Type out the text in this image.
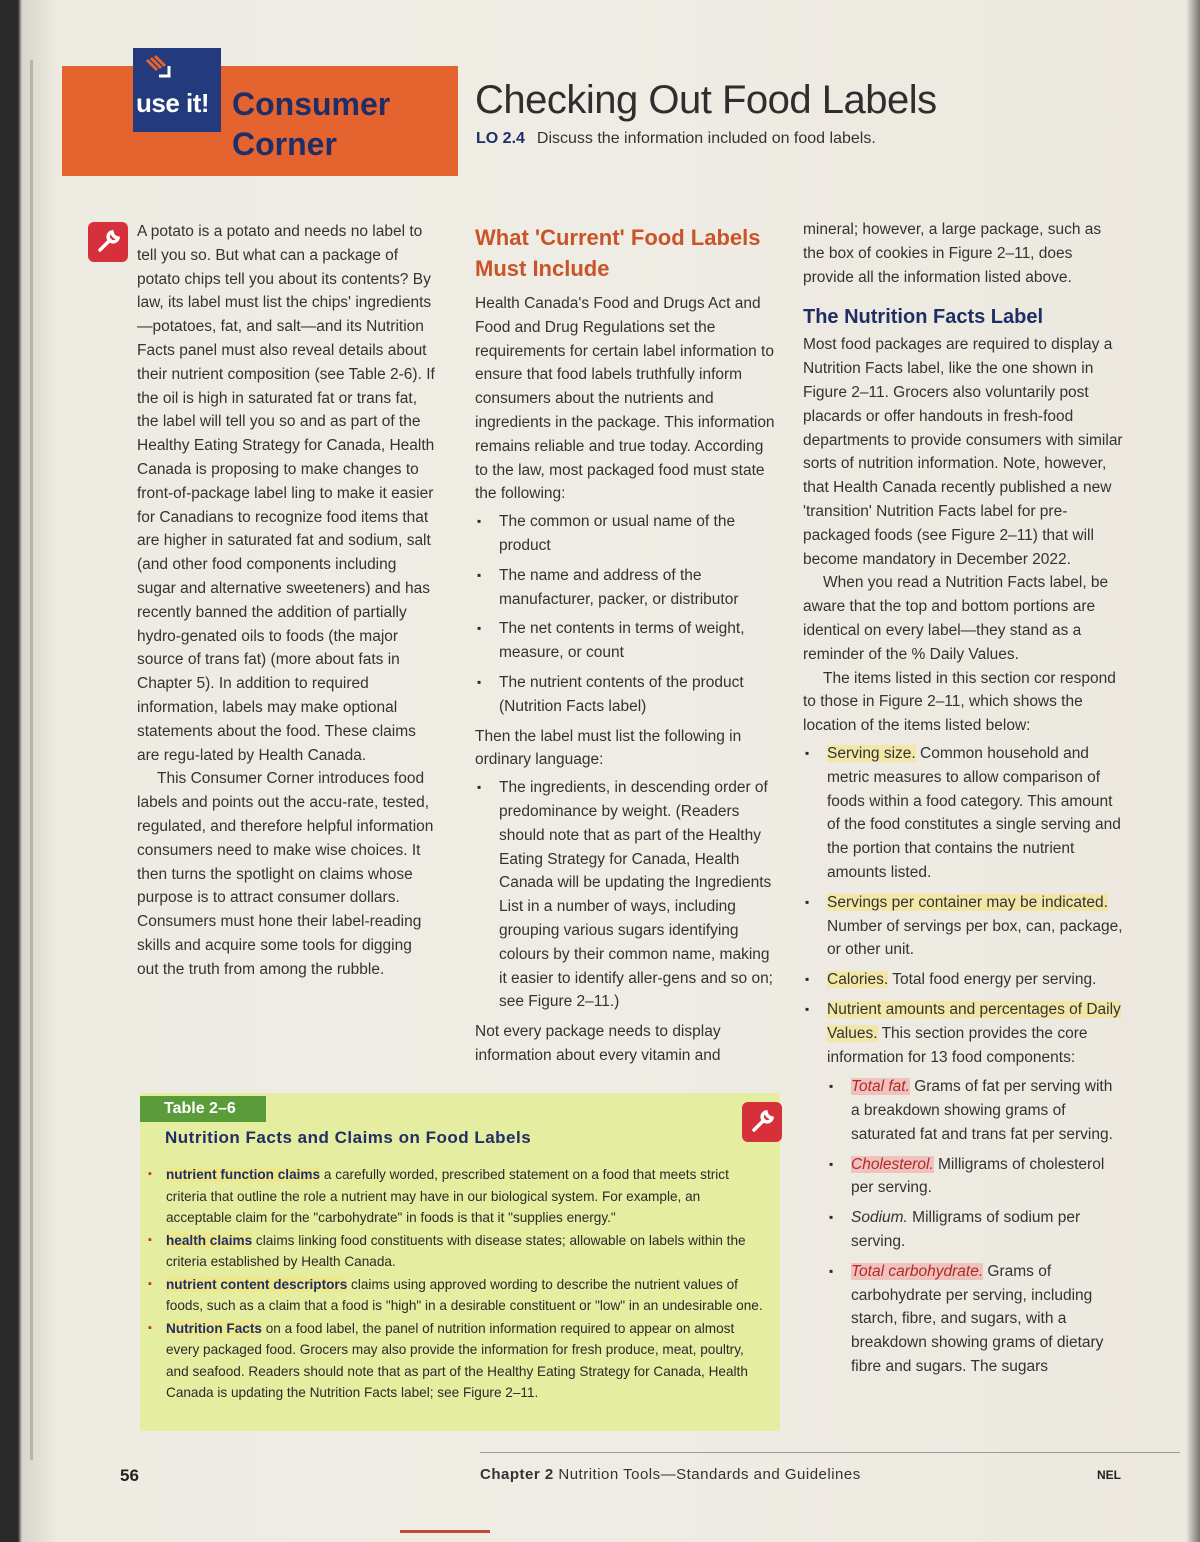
use it! Consumer
Corner
Checking Out Food Labels
LO 2.4 Discuss the information included on food labels.

A potato is a potato and needs no label to tell you so. But what can a package of potato chips tell you about its contents? By law, its label must list the chips' ingredients—potatoes, fat, and salt—and its Nutrition Facts panel must also reveal details about their nutrient composition (see Table 2-6). If the oil is high in saturated fat or trans fat, the label will tell you so and as part of the Healthy Eating Strategy for Canada, Health Canada is proposing to make changes to front-of-package label ling to make it easier for Canadians to recognize food items that are higher in saturated fat and sodium, salt (and other food components including sugar and alternative sweeteners) and has recently banned the addition of partially hydro-genated oils to foods (the major source of trans fat) (more about fats in Chapter 5). In addition to required information, labels may make optional statements about the food. These claims are regu-lated by Health Canada.

This Consumer Corner introduces food labels and points out the accu-rate, tested, regulated, and therefore helpful information consumers need to make wise choices. It then turns the spotlight on claims whose purpose is to attract consumer dollars. Consumers must hone their label-reading skills and acquire some tools for digging out the truth from among the rubble.

What 'Current' Food Labels Must Include

Health Canada's Food and Drugs Act and Food and Drug Regulations set the requirements for certain label information to ensure that food labels truthfully inform consumers about the nutrients and ingredients in the package. This information remains reliable and true today. According to the law, most packaged food must state the following:

▪ The common or usual name of the product
▪ The name and address of the manufacturer, packer, or distributor
▪ The net contents in terms of weight, measure, or count
▪ The nutrient contents of the product (Nutrition Facts label)

Then the label must list the following in ordinary language:

▪ The ingredients, in descending order of predominance by weight. (Readers should note that as part of the Healthy Eating Strategy for Canada, Health Canada will be updating the Ingredients List in a number of ways, including grouping various sugars identifying colours by their common name, making it easier to identify aller-gens and so on; see Figure 2–11.)

Not every package needs to display information about every vitamin and

mineral; however, a large package, such as the box of cookies in Figure 2–11, does provide all the information listed above.

The Nutrition Facts Label

Most food packages are required to display a Nutrition Facts label, like the one shown in Figure 2–11. Grocers also voluntarily post placards or offer handouts in fresh-food departments to provide consumers with similar sorts of nutrition information. Note, however, that Health Canada recently published a new 'transition' Nutrition Facts label for pre-packaged foods (see Figure 2–11) that will become mandatory in December 2022.

When you read a Nutrition Facts label, be aware that the top and bottom portions are identical on every label—they stand as a reminder of the % Daily Values.

The items listed in this section cor respond to those in Figure 2–11, which shows the location of the items listed below:

▪ Serving size. Common household and metric measures to allow comparison of foods within a food category. This amount of the food constitutes a single serving and the portion that contains the nutrient amounts listed.
▪ Servings per container may be indicated. Number of servings per box, can, package, or other unit.
▪ Calories. Total food energy per serving.
▪ Nutrient amounts and percentages of Daily Values. This section provides the core information for 13 food components:
▪ Total fat. Grams of fat per serving with a breakdown showing grams of saturated fat and trans fat per serving.
▪ Cholesterol. Milligrams of cholesterol per serving.
▪ Sodium. Milligrams of sodium per serving.
▪ Total carbohydrate. Grams of carbohydrate per serving, including starch, fibre, and sugars, with a breakdown showing grams of dietary fibre and sugars. The sugars
Table 2–6
Nutrition Facts and Claims on Food Labels
▪ nutrient function claims a carefully worded, prescribed statement on a food that meets strict criteria that outline the role a nutrient may have in our biological system. For example, an acceptable claim for the "carbohydrate" in foods is that it "supplies energy."
▪ health claims claims linking food constituents with disease states; allowable on labels within the criteria established by Health Canada.
▪ nutrient content descriptors claims using approved wording to describe the nutrient values of foods, such as a claim that a food is "high" in a desirable constituent or "low" in an undesirable one.
▪ Nutrition Facts on a food label, the panel of nutrition information required to appear on almost every packaged food. Grocers may also provide the information for fresh produce, meat, poultry, and seafood. Readers should note that as part of the Healthy Eating Strategy for Canada, Health Canada is updating the Nutrition Facts label; see Figure 2–11.
56	Chapter 2 Nutrition Tools—Standards and Guidelines	NEL
